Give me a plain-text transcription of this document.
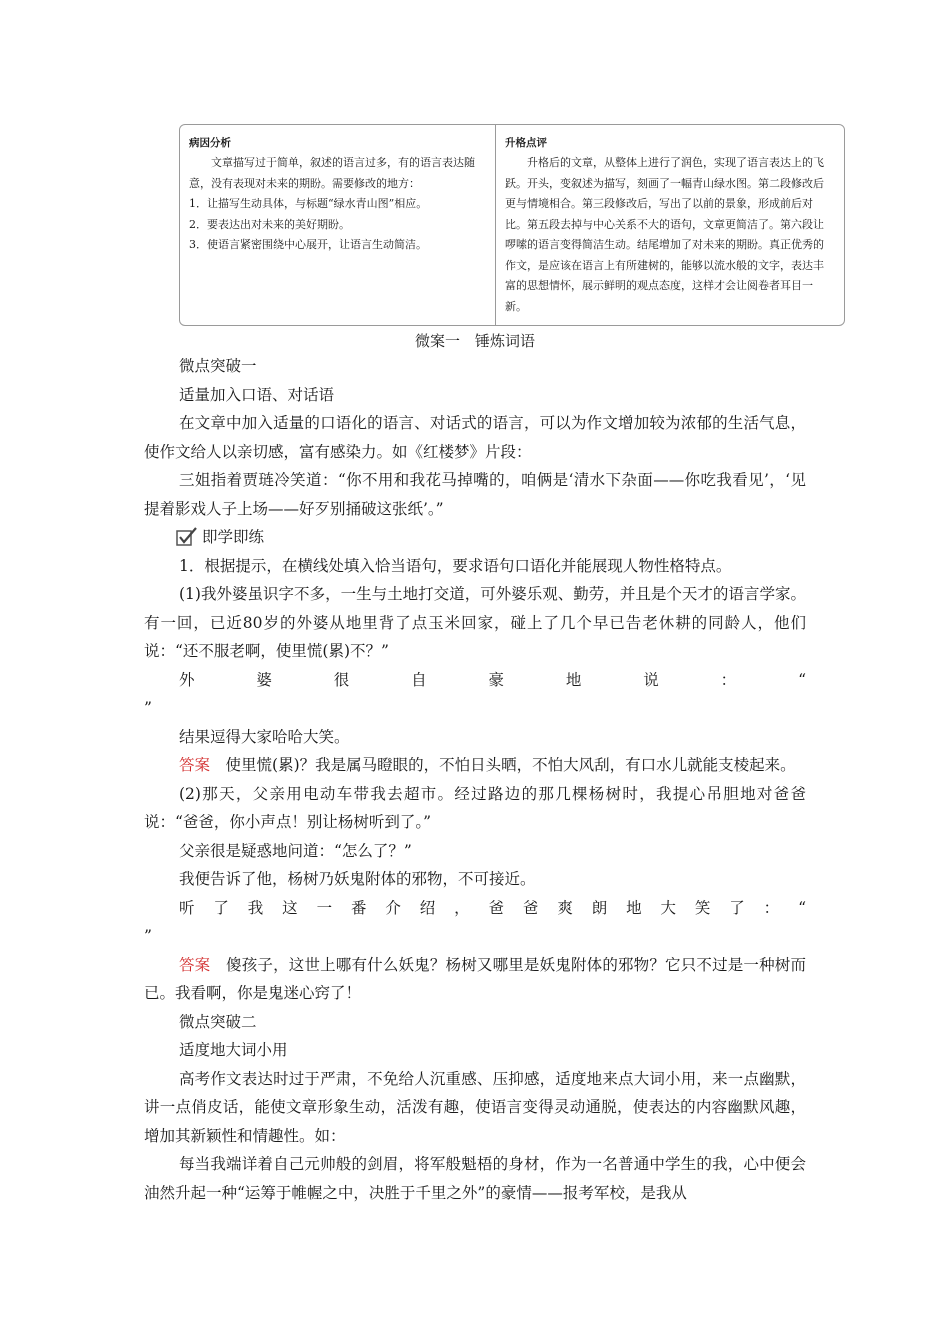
病因分析

文章描写过于简单，叙述的语言过多，有的语言表达随意，没有表现对未来的期盼。需要修改的地方：

1．让描写生动具体，与标题“绿水青山图”相应。

2．要表达出对未来的美好期盼。

3．使语言紧密围绕中心展开，让语言生动简洁。

升格点评

升格后的文章，从整体上进行了润色，实现了语言表达上的飞跃。开头，变叙述为描写，刻画了一幅青山绿水图。第二段修改后更与情境相合。第三段修改后，写出了以前的景象，形成前后对比。第五段去掉与中心关系不大的语句，文章更简洁了。第六段让啰嗦的语言变得简洁生动。结尾增加了对未来的期盼。真正优秀的作文，是应该在语言上有所建树的，能够以流水般的文字，表达丰富的思想情怀，展示鲜明的观点态度，这样才会让阅卷者耳目一新。

微案一　锤炼词语

微点突破一

适量加入口语、对话语

在文章中加入适量的口语化的语言、对话式的语言，可以为作文增加较为浓郁的生活气息，使作文给人以亲切感，富有感染力。如《红楼梦》片段：

三姐指着贾琏冷笑道：“你不用和我花马掉嘴的，咱俩是‘清水下杂面——你吃我看见’，‘见提着影戏人子上场——好歹别捅破这张纸’。”

即学即练

1．根据提示，在横线处填入恰当语句，要求语句口语化并能展现人物性格特点。

(1)我外婆虽识字不多，一生与土地打交道，可外婆乐观、勤劳，并且是个天才的语言学家。有一回，已近80岁的外婆从地里背了点玉米回家，碰上了几个早已告老休耕的同龄人，他们说：“还不服老啊，使里慌(累)不？”

外婆很自豪地说：“

”

结果逗得大家哈哈大笑。

答案　 使里慌(累)？我是属马瞪眼的，不怕日头晒，不怕大风刮，有口水儿就能支棱起来。

(2)那天，父亲用电动车带我去超市。经过路边的那几棵杨树时，我提心吊胆地对爸爸说：“爸爸，你小声点！别让杨树听到了。”

父亲很是疑惑地问道：“怎么了？”

我便告诉了他，杨树乃妖鬼附体的邪物，不可接近。

听了我这一番介绍，爸爸爽朗地大笑了：“

”

答案　 傻孩子，这世上哪有什么妖鬼？杨树又哪里是妖鬼附体的邪物？它只不过是一种树而已。我看啊，你是鬼迷心窍了！

微点突破二

适度地大词小用

高考作文表达时过于严肃，不免给人沉重感、压抑感，适度地来点大词小用，来一点幽默，讲一点俏皮话，能使文章形象生动，活泼有趣，使语言变得灵动通脱，使表达的内容幽默风趣，增加其新颖性和情趣性。如：

每当我端详着自己元帅般的剑眉，将军般魁梧的身材，作为一名普通中学生的我，心中便会油然升起一种“运筹于帷幄之中，决胜于千里之外”的豪情——报考军校，是我从
